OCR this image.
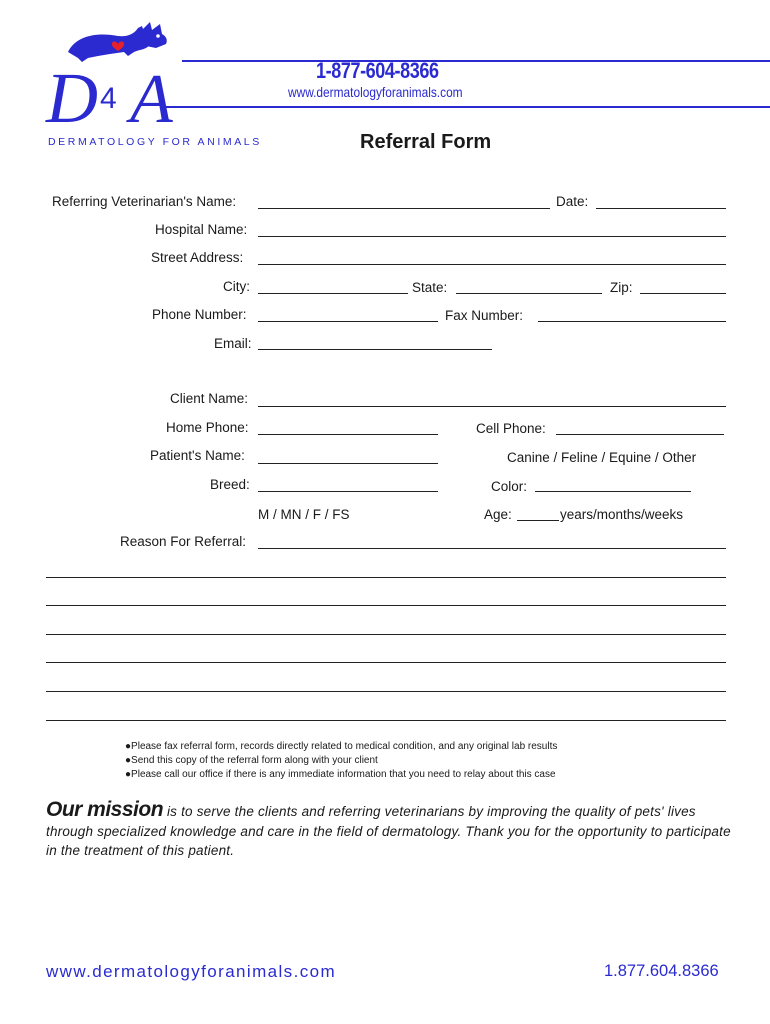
D 4 A	1-877-604-8366
www.dermatologyforanimals.com
DERMATOLOGY FOR ANIMALS	Referral Form
Referring Veterinarian's Name:	Date:
Hospital Name:
Street Address:
City:	State:	Zip:
Phone Number:	Fax Number:
Email:
Client Name:
Home Phone:	Cell Phone:
Patient's Name:	Canine / Feline / Equine / Other
Breed:	Color:
M / MN / F / FS	Age:	years/months/weeks
Reason For Referral:
●Please fax referral form, records directly related to medical condition, and any original lab results
●Send this copy of the referral form along with your client
●Please call our office if there is any immediate information that you need to relay about this case
Our mission is to serve the clients and referring veterinarians by improving the quality of pets' lives through specialized knowledge and care in the field of dermatology. Thank you for the opportunity to participate in the treatment of this patient.
www.dermatologyforanimals.com	1.877.604.8366
